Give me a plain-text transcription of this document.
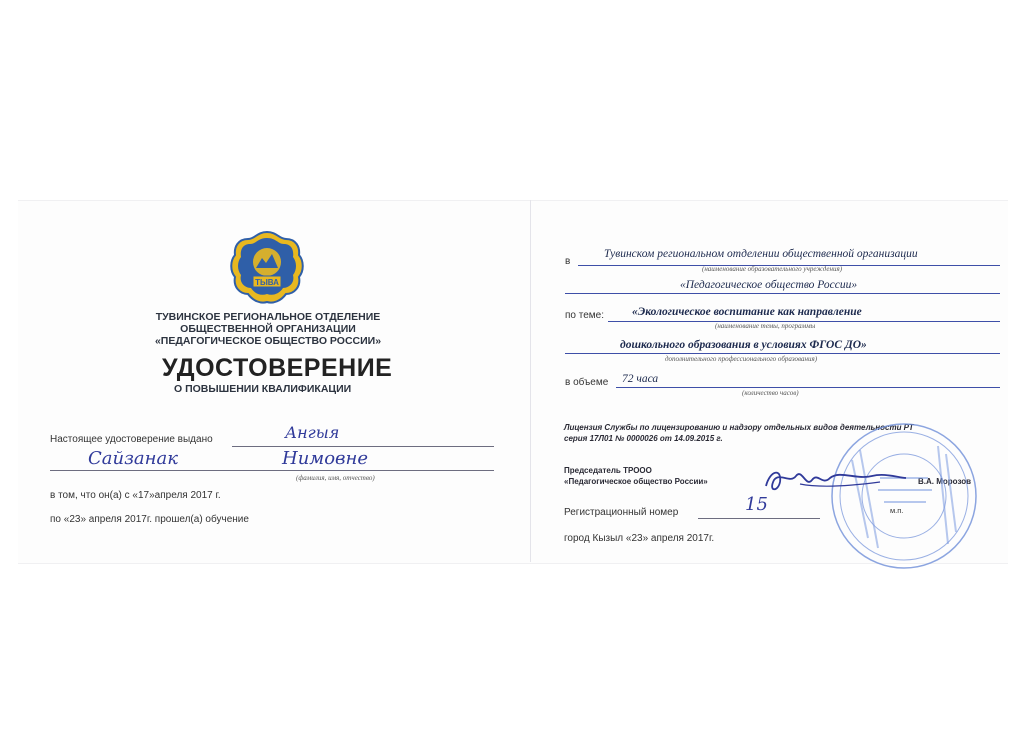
ТЫВА
ТУВИНСКОЕ РЕГИОНАЛЬНОЕ ОТДЕЛЕНИЕ
ОБЩЕСТВЕННОЙ ОРГАНИЗАЦИИ
«ПЕДАГОГИЧЕСКОЕ ОБЩЕСТВО РОССИИ»
УДОСТОВЕРЕНИЕ
О ПОВЫШЕНИИ КВАЛИФИКАЦИИ
Настоящее удостоверение выдано	Ангыя
Сайзанак	Нимовне
(фамилия, имя, отчество)
в том, что он(а) с «17»апреля 2017 г.
по «23» апреля 2017г. прошел(а) обучение
в
Тувинском региональном отделении общественной организации
(наименование образовательного учреждения)
«Педагогическое общество России»
по теме: «Экологическое воспитание как направление
(наименование темы, программы
дошкольного образования в условиях ФГОС ДО»
дополнительного профессионального образования)
в объеме 72 часа
(количество часов)
Лицензия Службы по лицензированию и надзору отдельных видов деятельности РТ
серия 17Л01 № 0000026 от 14.09.2015 г.
Председатель ТРООО
«Педагогическое общество России»	В.А. Морозов
м.п.
Регистрационный номер	15
город Кызыл «23» апреля 2017г.
